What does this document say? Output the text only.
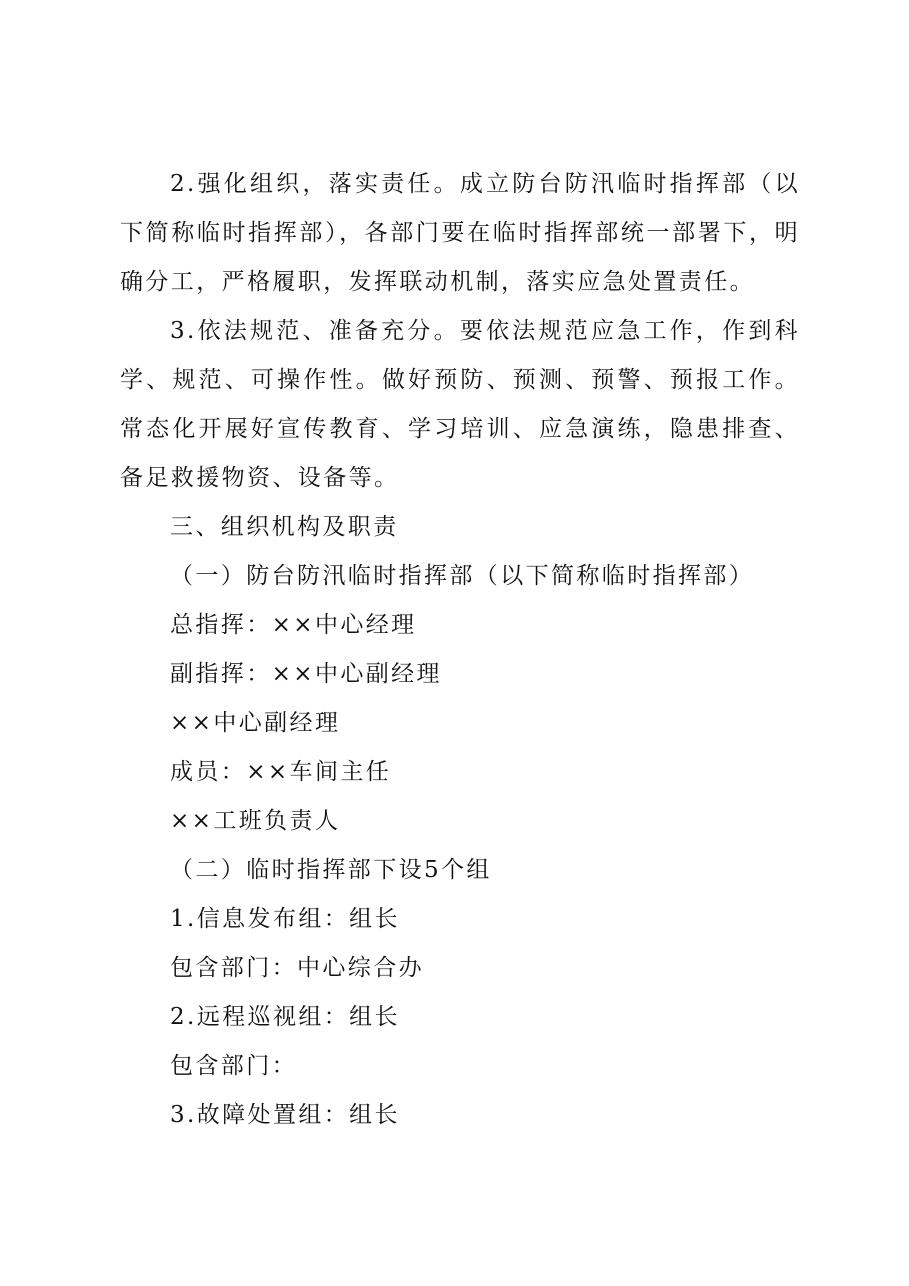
2.强化组织，落实责任。成立防台防汛临时指挥部（以下简称临时指挥部），各部门要在临时指挥部统一部署下，明确分工，严格履职，发挥联动机制，落实应急处置责任。

3.依法规范、准备充分。要依法规范应急工作，作到科学、规范、可操作性。做好预防、预测、预警、预报工作。常态化开展好宣传教育、学习培训、应急演练，隐患排查、备足救援物资、设备等。

三、组织机构及职责

（一）防台防汛临时指挥部（以下简称临时指挥部）

总指挥：××中心经理

副指挥：××中心副经理

××中心副经理

成员：××车间主任

××工班负责人

（二）临时指挥部下设5个组

1.信息发布组：组长

包含部门：中心综合办

2.远程巡视组：组长

包含部门：

3.故障处置组：组长
